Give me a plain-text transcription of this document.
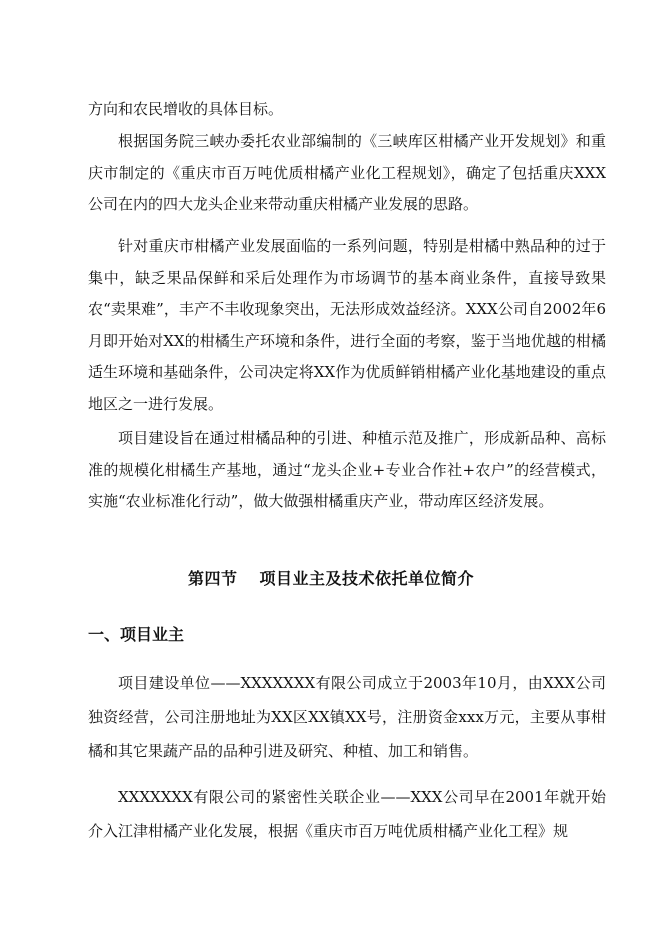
方向和农民增收的具体目标。

根据国务院三峡办委托农业部编制的《三峡库区柑橘产业开发规划》和重庆市制定的《重庆市百万吨优质柑橘产业化工程规划》，确定了包括重庆XXX公司在内的四大龙头企业来带动重庆柑橘产业发展的思路。

针对重庆市柑橘产业发展面临的一系列问题，特别是柑橘中熟品种的过于集中，缺乏果品保鲜和采后处理作为市场调节的基本商业条件，直接导致果农“卖果难”，丰产不丰收现象突出，无法形成效益经济。XXX公司自2002年6月即开始对XX的柑橘生产环境和条件，进行全面的考察，鉴于当地优越的柑橘适生环境和基础条件，公司决定将XX作为优质鲜销柑橘产业化基地建设的重点地区之一进行发展。

项目建设旨在通过柑橘品种的引进、种植示范及推广，形成新品种、高标准的规模化柑橘生产基地，通过“龙头企业+专业合作社+农户”的经营模式，实施“农业标准化行动”，做大做强柑橘重庆产业，带动库区经济发展。

第四节 项目业主及技术依托单位简介
一、项目业主

项目建设单位——XXXXXXX有限公司成立于2003年10月，由XXX公司独资经营，公司注册地址为XX区XX镇XX号，注册资金xxx万元，主要从事柑橘和其它果蔬产品的品种引进及研究、种植、加工和销售。

XXXXXXX有限公司的紧密性关联企业——XXX公司早在2001年就开始介入江津柑橘产业化发展，根据《重庆市百万吨优质柑橘产业化工程》规
